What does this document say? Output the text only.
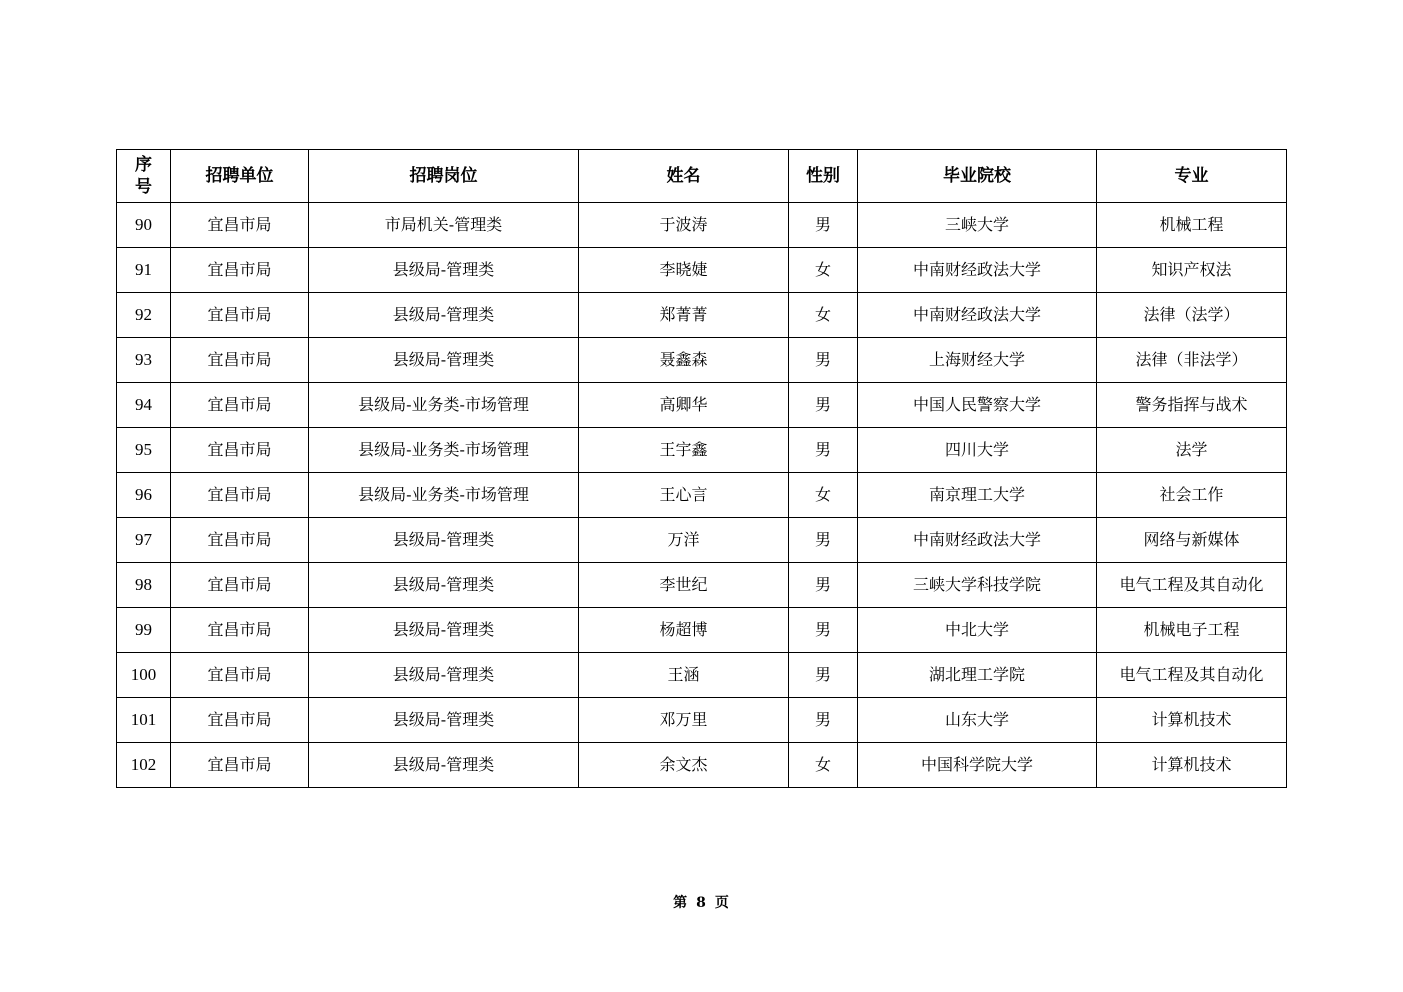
序
号	招聘单位	招聘岗位	姓名	性别	毕业院校	专业
90	宜昌市局	市局机关-管理类	于波涛	男	三峡大学	机械工程
91	宜昌市局	县级局-管理类	李晓婕	女	中南财经政法大学	知识产权法
92	宜昌市局	县级局-管理类	郑菁菁	女	中南财经政法大学	法律（法学）
93	宜昌市局	县级局-管理类	聂鑫森	男	上海财经大学	法律（非法学）
94	宜昌市局	县级局-业务类-市场管理	高卿华	男	中国人民警察大学	警务指挥与战术
95	宜昌市局	县级局-业务类-市场管理	王宇鑫	男	四川大学	法学
96	宜昌市局	县级局-业务类-市场管理	王心言	女	南京理工大学	社会工作
97	宜昌市局	县级局-管理类	万洋	男	中南财经政法大学	网络与新媒体
98	宜昌市局	县级局-管理类	李世纪	男	三峡大学科技学院	电气工程及其自动化
99	宜昌市局	县级局-管理类	杨超博	男	中北大学	机械电子工程
100	宜昌市局	县级局-管理类	王涵	男	湖北理工学院	电气工程及其自动化
101	宜昌市局	县级局-管理类	邓万里	男	山东大学	计算机技术
102	宜昌市局	县级局-管理类	余文杰	女	中国科学院大学	计算机技术
第 8 页
